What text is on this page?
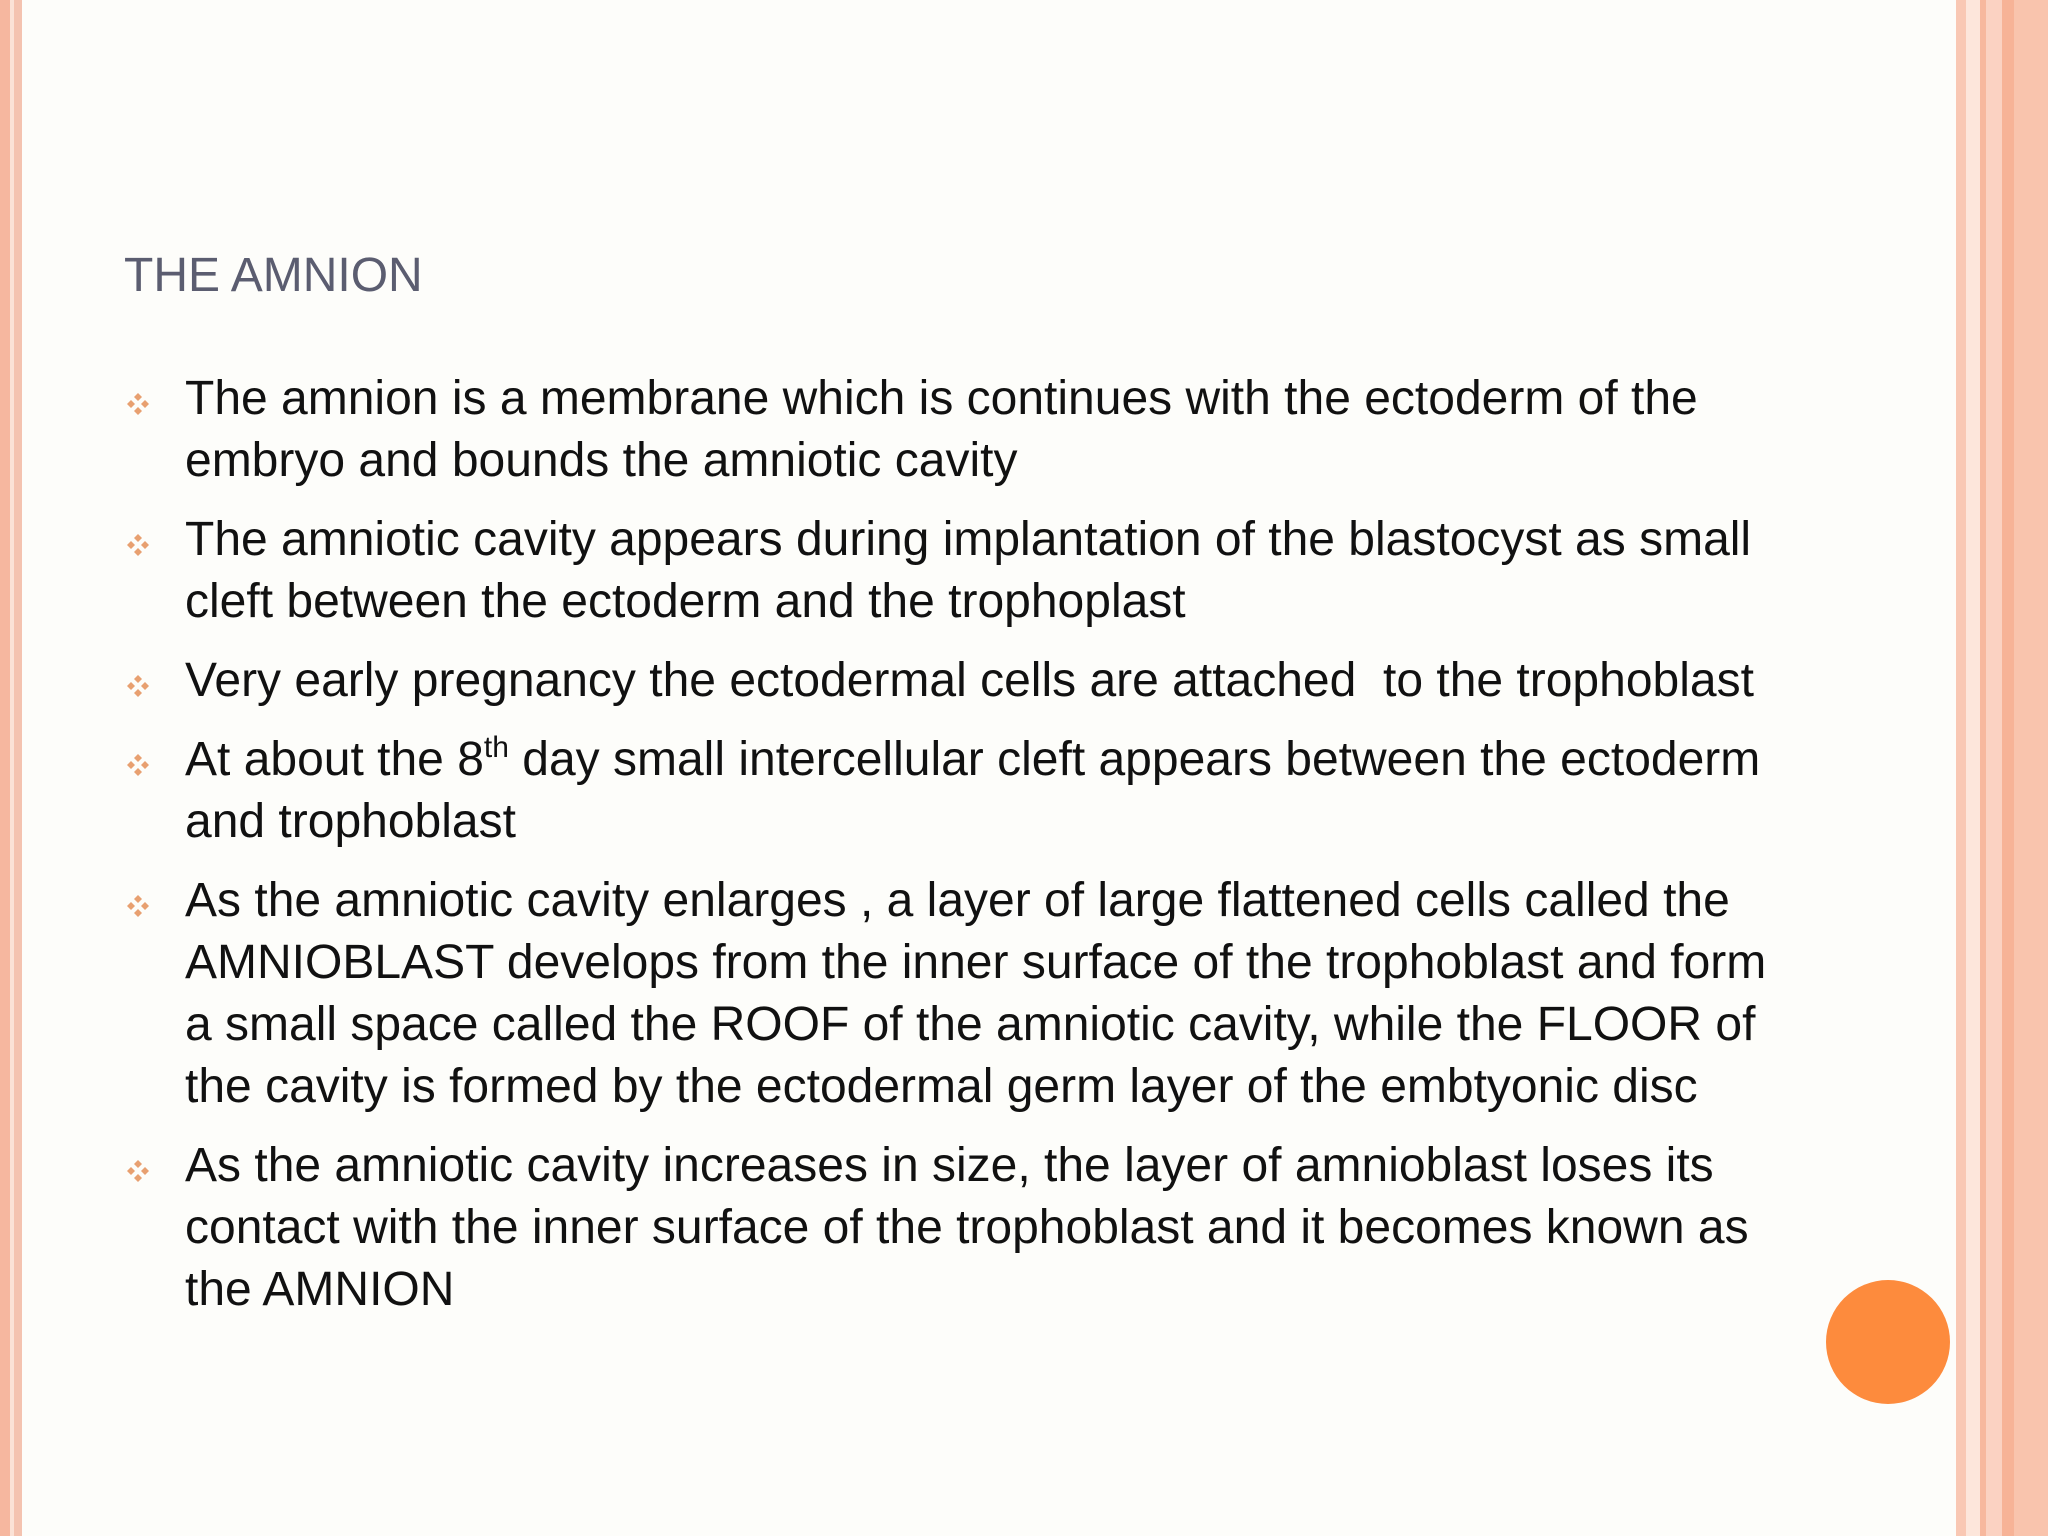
THE AMNION
The amnion is a membrane which is continues with the ectoderm of the embryo and bounds the amniotic cavity
The amniotic cavity appears during implantation of the blastocyst as small cleft between the ectoderm and the trophoplast
Very early pregnancy the ectodermal cells are attached  to the trophoblast
At about the 8th day small intercellular cleft appears between the ectoderm and trophoblast
As the amniotic cavity enlarges , a layer of large flattened cells called the AMNIOBLAST develops from the inner surface of the trophoblast and form a small space called the ROOF of the amniotic cavity, while the FLOOR of the cavity is formed by the ectodermal germ layer of the embtyonic disc
As the amniotic cavity increases in size, the layer of amnioblast loses its contact with the inner surface of the trophoblast and it becomes known as the AMNION
